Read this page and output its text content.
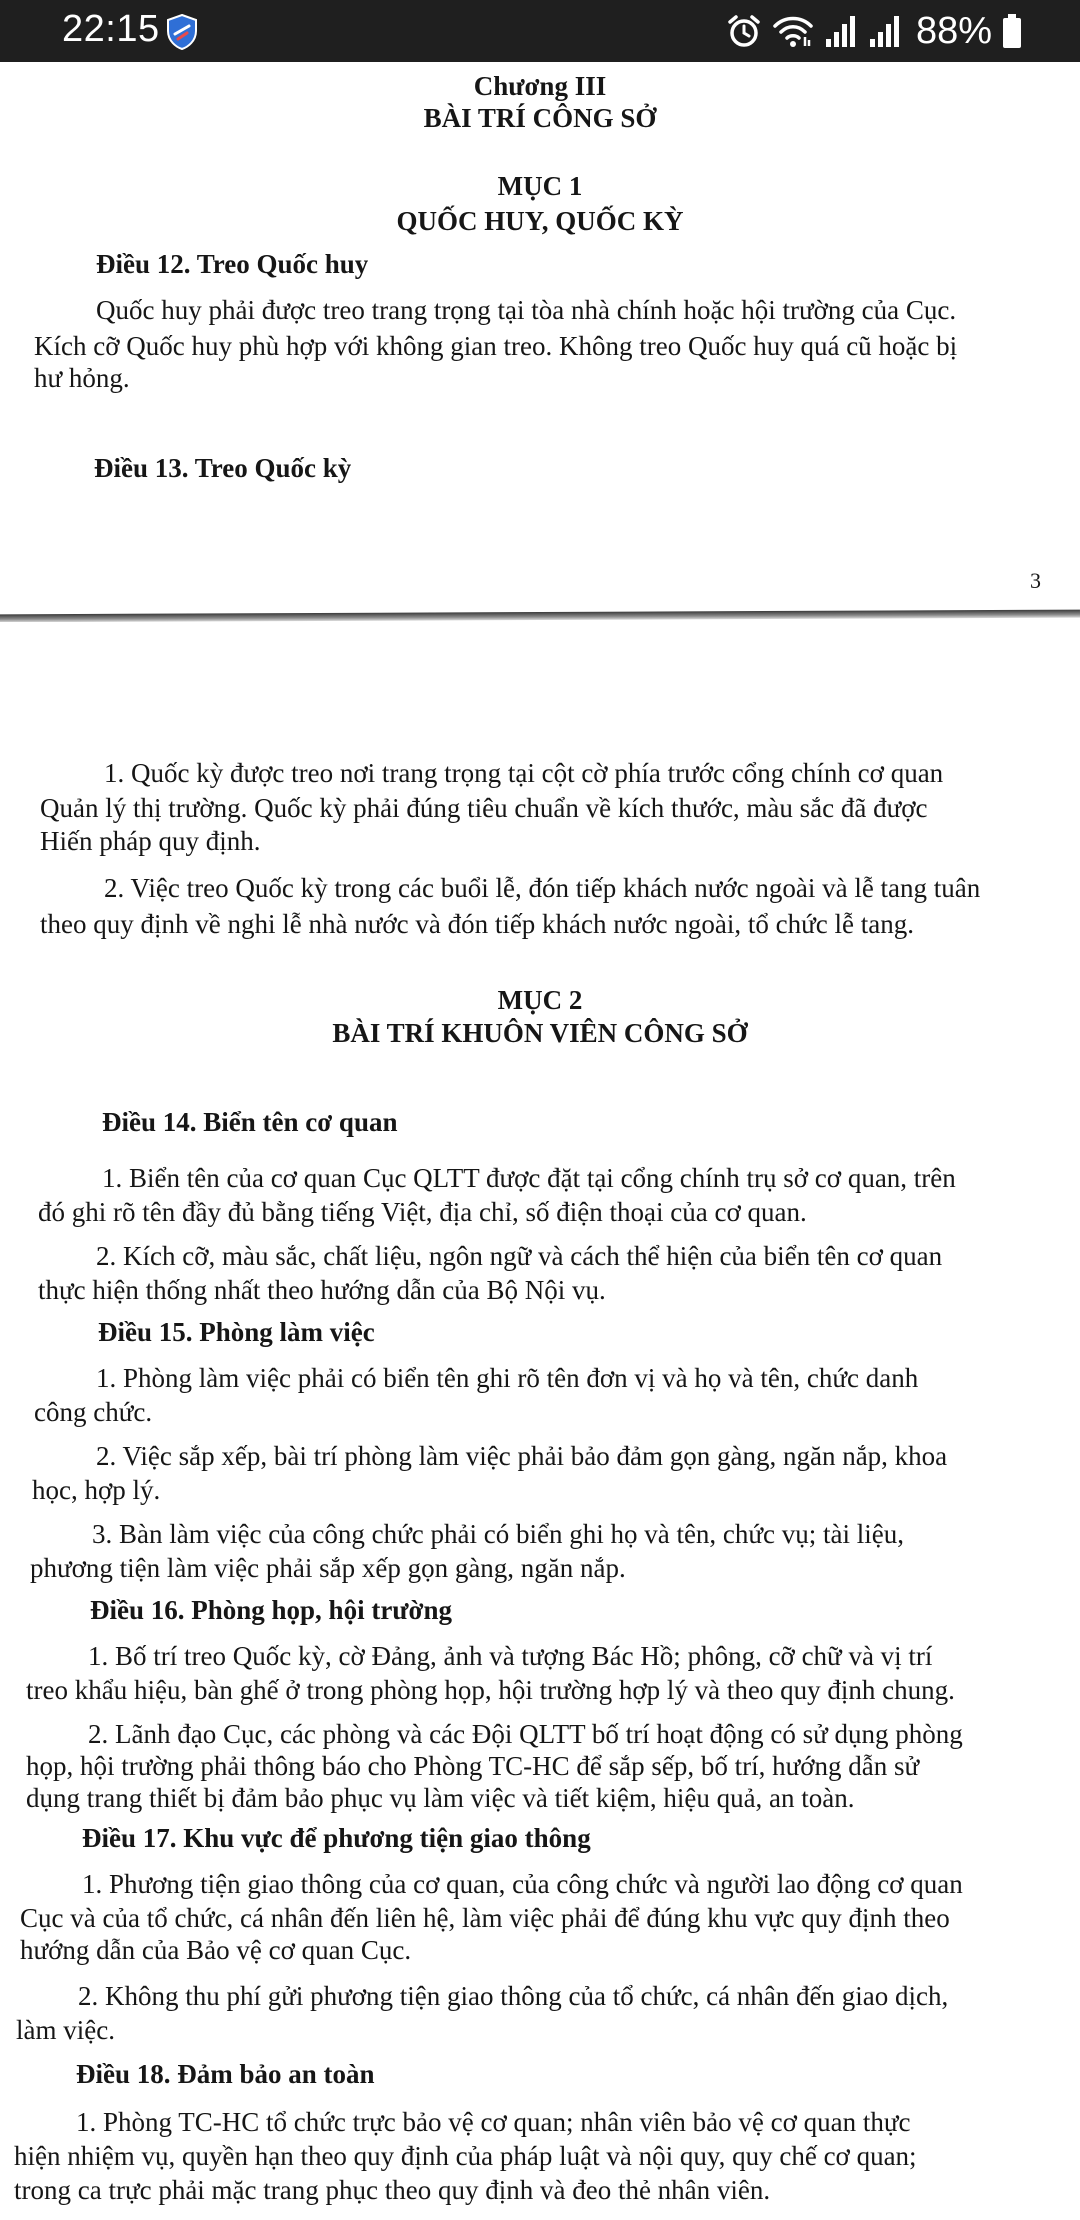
22:15	88%
Chương III
BÀI TRÍ CÔNG SỞ
MỤC 1
QUỐC HUY, QUỐC KỲ
Điều 12. Treo Quốc huy
Quốc huy phải được treo trang trọng tại tòa nhà chính hoặc hội trường của Cục.
Kích cỡ Quốc huy phù hợp với không gian treo. Không treo Quốc huy quá cũ hoặc bị
hư hỏng.
Điều 13. Treo Quốc kỳ
3
1. Quốc kỳ được treo nơi trang trọng tại cột cờ phía trước cổng chính cơ quan
Quản lý thị trường. Quốc kỳ phải đúng tiêu chuẩn về kích thước, màu sắc đã được
Hiến pháp quy định.
2. Việc treo Quốc kỳ trong các buổi lễ, đón tiếp khách nước ngoài và lễ tang tuân
theo quy định về nghi lễ nhà nước và đón tiếp khách nước ngoài, tổ chức lễ tang.
MỤC 2
BÀI TRÍ KHUÔN VIÊN CÔNG SỞ
Điều 14. Biển tên cơ quan
1. Biển tên của cơ quan Cục QLTT được đặt tại cổng chính trụ sở cơ quan, trên
đó ghi rõ tên đầy đủ bằng tiếng Việt, địa chỉ, số điện thoại của cơ quan.
2. Kích cỡ, màu sắc, chất liệu, ngôn ngữ và cách thể hiện của biển tên cơ quan
thực hiện thống nhất theo hướng dẫn của Bộ Nội vụ.
Điều 15. Phòng làm việc
1. Phòng làm việc phải có biển tên ghi rõ tên đơn vị và họ và tên, chức danh
công chức.
2. Việc sắp xếp, bài trí phòng làm việc phải bảo đảm gọn gàng, ngăn nắp, khoa
học, hợp lý.
3. Bàn làm việc của công chức phải có biển ghi họ và tên, chức vụ; tài liệu,
phương tiện làm việc phải sắp xếp gọn gàng, ngăn nắp.
Điều 16. Phòng họp, hội trường
1. Bố trí treo Quốc kỳ, cờ Đảng, ảnh và tượng Bác Hồ; phông, cỡ chữ và vị trí
treo khẩu hiệu, bàn ghế ở trong phòng họp, hội trường hợp lý và theo quy định chung.
2. Lãnh đạo Cục, các phòng và các Đội QLTT bố trí hoạt động có sử dụng phòng
họp, hội trường phải thông báo cho Phòng TC-HC để sắp sếp, bố trí, hướng dẫn sử
dụng trang thiết bị đảm bảo phục vụ làm việc và tiết kiệm, hiệu quả, an toàn.
Điều 17. Khu vực để phương tiện giao thông
1. Phương tiện giao thông của cơ quan, của công chức và người lao động cơ quan
Cục và của tổ chức, cá nhân đến liên hệ, làm việc phải để đúng khu vực quy định theo
hướng dẫn của Bảo vệ cơ quan Cục.
2. Không thu phí gửi phương tiện giao thông của tổ chức, cá nhân đến giao dịch,
làm việc.
Điều 18. Đảm bảo an toàn
1. Phòng TC-HC tổ chức trực bảo vệ cơ quan; nhân viên bảo vệ cơ quan thực
hiện nhiệm vụ, quyền hạn theo quy định của pháp luật và nội quy, quy chế cơ quan;
trong ca trực phải mặc trang phục theo quy định và đeo thẻ nhân viên.
